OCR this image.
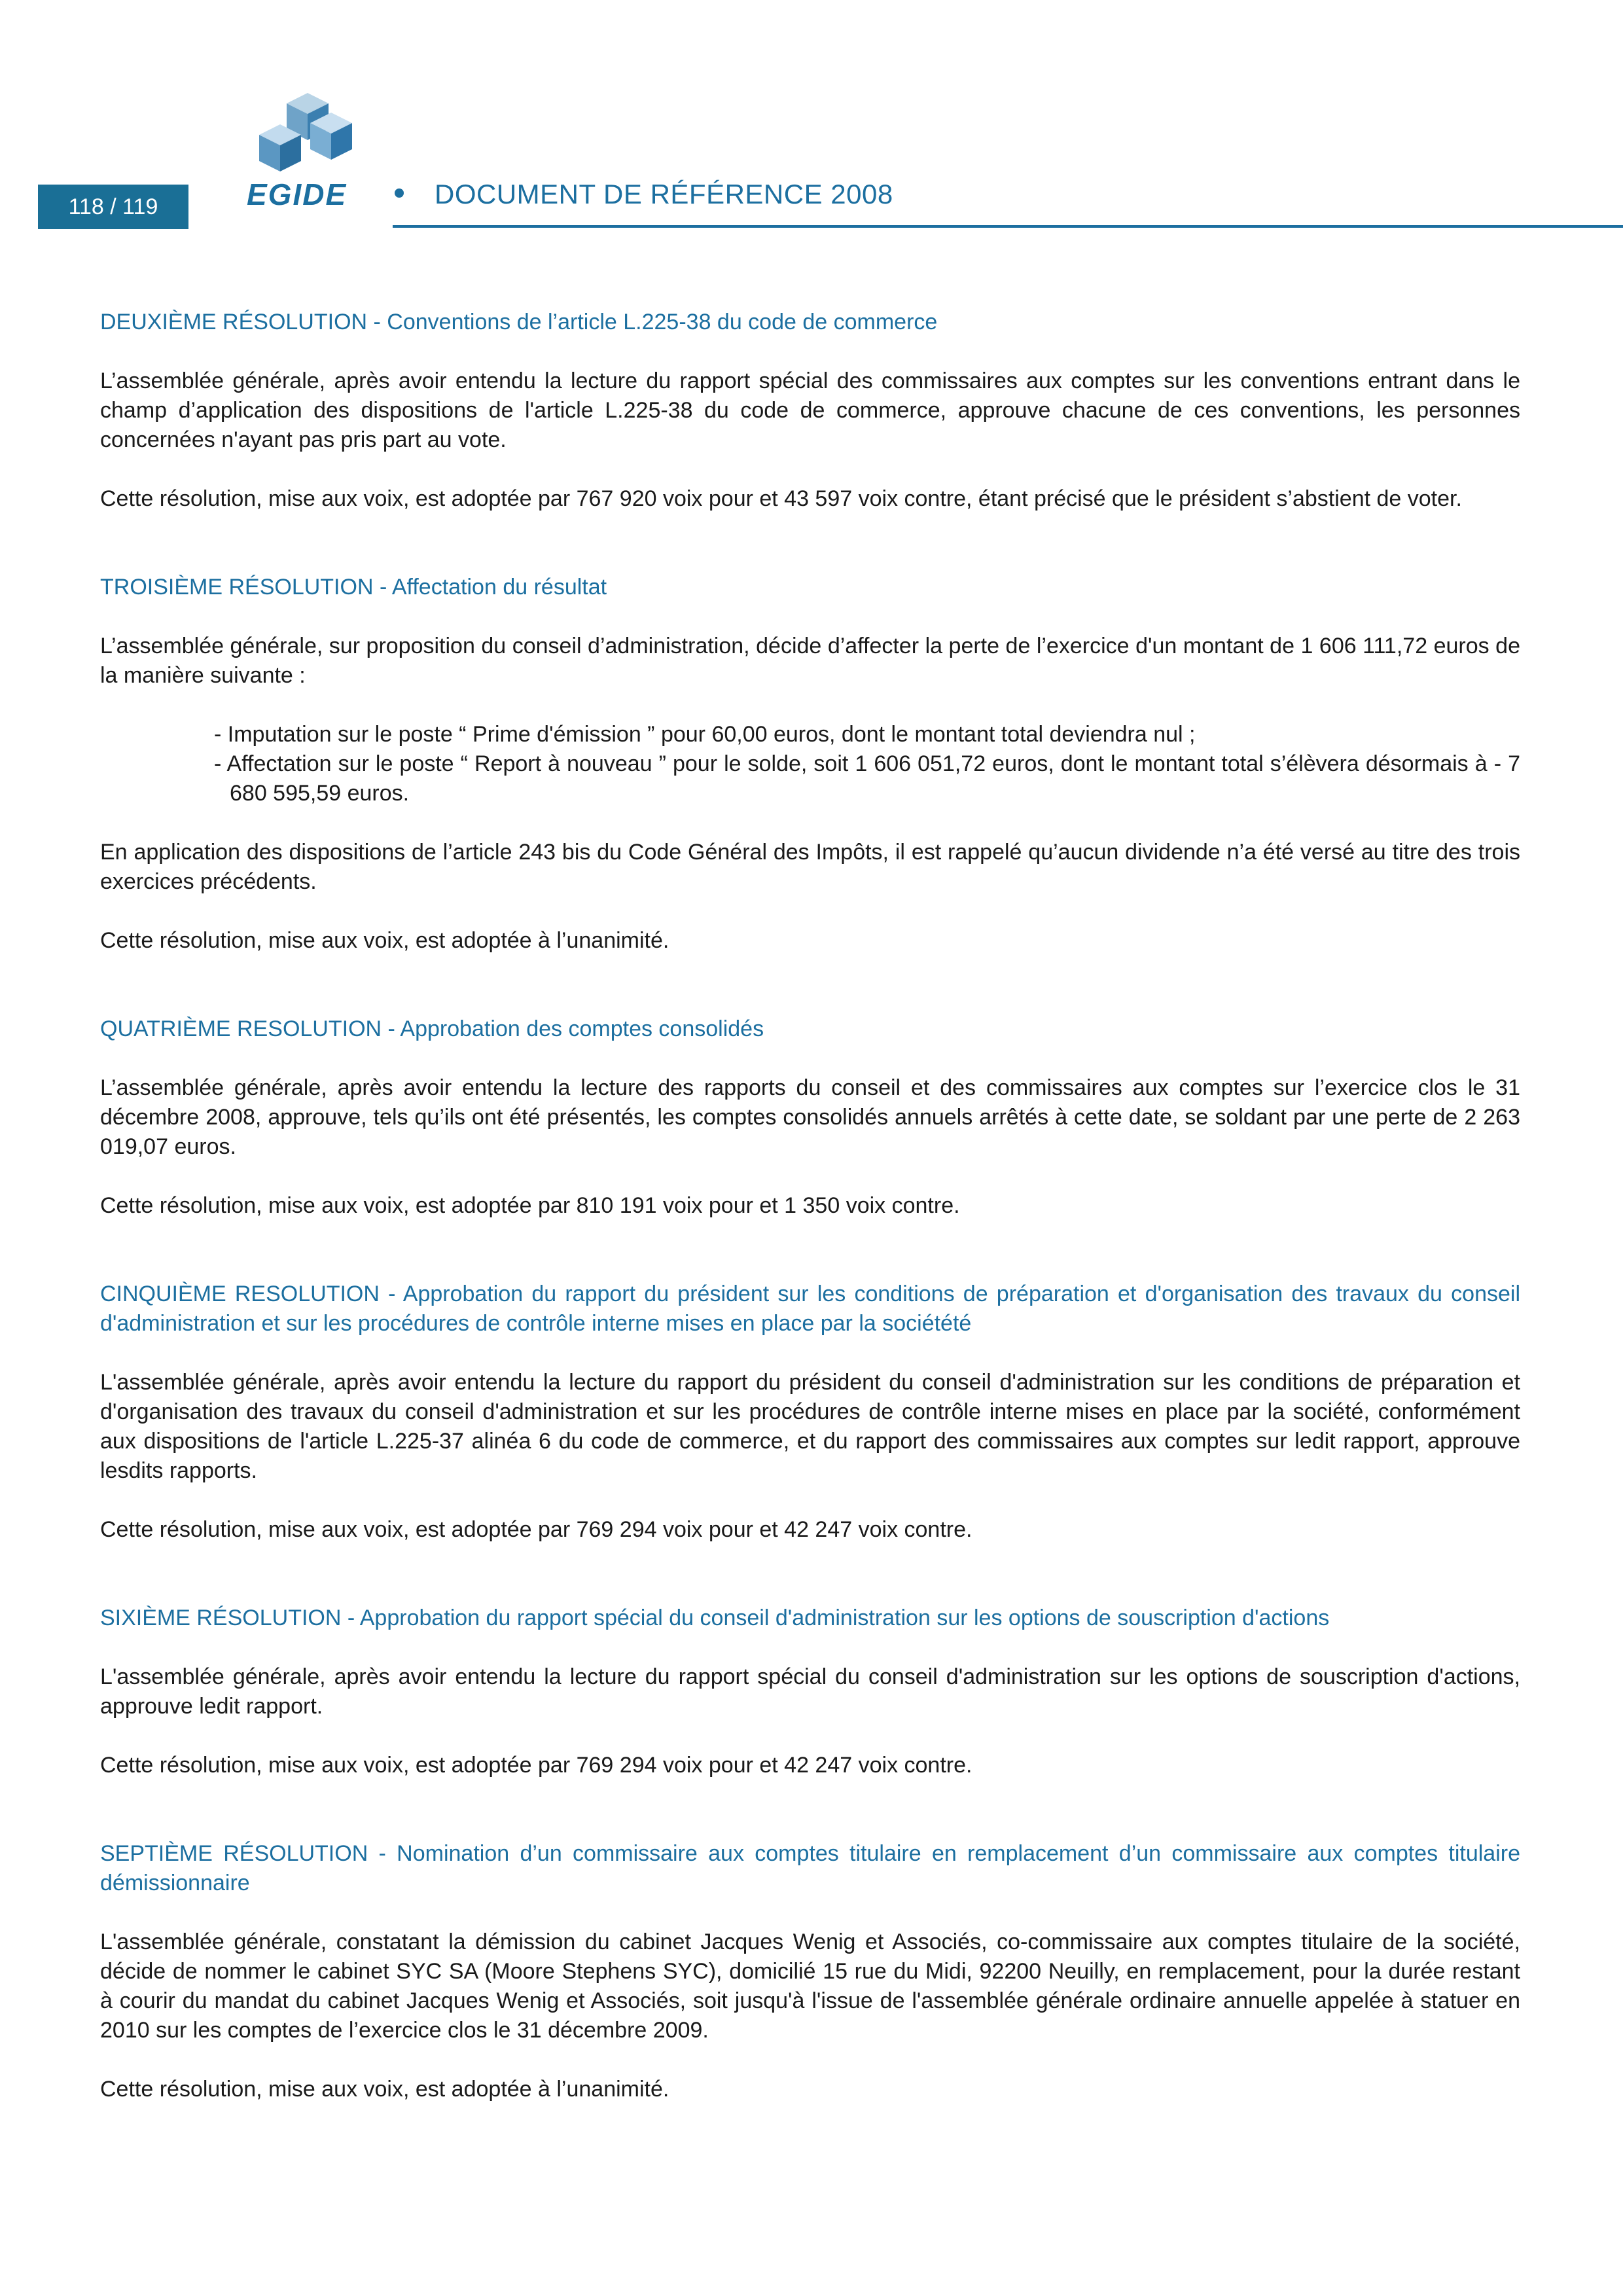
118 / 119	EGIDE	DOCUMENT DE RÉFÉRENCE 2008

DEUXIÈME RÉSOLUTION - Conventions de l’article L.225-38 du code de commerce

L’assemblée générale, après avoir entendu la lecture du rapport spécial des commissaires aux comptes sur les conventions entrant dans le champ d’application des dispositions de l'article L.225-38 du code de commerce, approuve chacune de ces conventions, les personnes concernées n'ayant pas pris part au vote.

Cette résolution, mise aux voix, est adoptée par 767 920 voix pour et 43 597 voix contre, étant précisé que le président s’abstient de voter.

TROISIÈME RÉSOLUTION - Affectation du résultat

L’assemblée générale, sur proposition du conseil d’administration, décide d’affecter la perte de l’exercice d'un montant de 1 606 111,72 euros de la manière suivante :

- Imputation sur le poste “ Prime d'émission ” pour 60,00 euros, dont le montant total deviendra nul ;
- Affectation sur le poste “ Report à nouveau ” pour le solde, soit 1 606 051,72 euros, dont le montant total s’élèvera désormais à - 7 680 595,59 euros.

En application des dispositions de l’article 243 bis du Code Général des Impôts, il est rappelé qu’aucun dividende n’a été versé au titre des trois exercices précédents.

Cette résolution, mise aux voix, est adoptée à l’unanimité.

QUATRIÈME RESOLUTION - Approbation des comptes consolidés

L’assemblée générale, après avoir entendu la lecture des rapports du conseil et des commissaires aux comptes sur l’exercice clos le 31 décembre 2008, approuve, tels qu’ils ont été présentés, les comptes consolidés annuels arrêtés à cette date, se soldant par une perte de 2 263 019,07 euros.

Cette résolution, mise aux voix, est adoptée par 810 191 voix pour et 1 350 voix contre.

CINQUIÈME RESOLUTION - Approbation du rapport du président sur les conditions de préparation et d'organisation des travaux du conseil d'administration et sur les procédures de contrôle interne mises en place par la sociétété

L'assemblée générale, après avoir entendu la lecture du rapport du président du conseil d'administration sur les conditions de préparation et d'organisation des travaux du conseil d'administration et sur les procédures de contrôle interne mises en place par la société, conformément aux dispositions de l'article L.225-37 alinéa 6 du code de commerce, et du rapport des commissaires aux comptes sur ledit rapport, approuve lesdits rapports.

Cette résolution, mise aux voix, est adoptée par 769 294 voix pour et 42 247 voix contre.

SIXIÈME RÉSOLUTION - Approbation du rapport spécial du conseil d'administration sur les options de souscription d'actions

L'assemblée générale, après avoir entendu la lecture du rapport spécial du conseil d'administration sur les options de souscription d'actions, approuve ledit rapport.

Cette résolution, mise aux voix, est adoptée par 769 294 voix pour et 42 247 voix contre.

SEPTIÈME RÉSOLUTION - Nomination d’un commissaire aux comptes titulaire en remplacement d’un commissaire aux comptes titulaire démissionnaire

L'assemblée générale, constatant la démission du cabinet Jacques Wenig et Associés, co-commissaire aux comptes titulaire de la société, décide de nommer le cabinet SYC SA (Moore Stephens SYC), domicilié 15 rue du Midi, 92200 Neuilly, en remplacement, pour la durée restant à courir du mandat du cabinet Jacques Wenig et Associés, soit jusqu'à l'issue de l'assemblée générale ordinaire annuelle appelée à statuer en 2010 sur les comptes de l’exercice clos le 31 décembre 2009.

Cette résolution, mise aux voix, est adoptée à l’unanimité.
